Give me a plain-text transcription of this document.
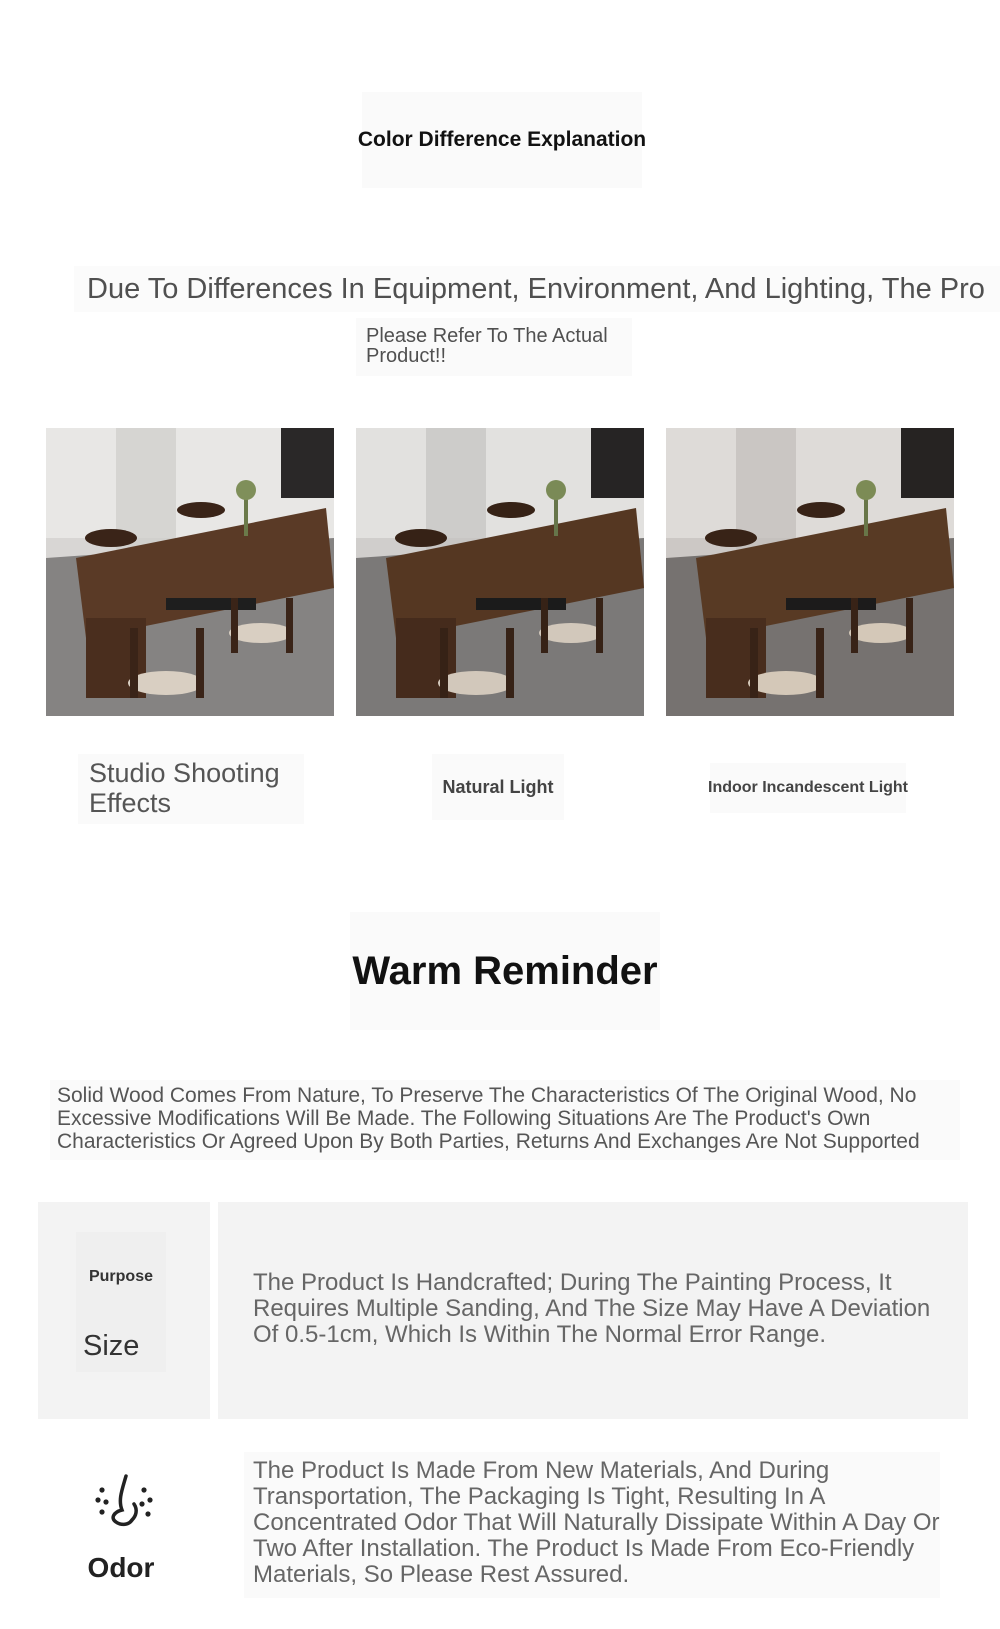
Color Difference Explanation
Due To Differences In Equipment, Environment, And Lighting, The Pro
Please Refer To The Actual Product!!
Studio Shooting Effects
Natural Light	Indoor Incandescent Light
Warm Reminder
Solid Wood Comes From Nature, To Preserve The Characteristics Of The Original Wood, No Excessive Modifications Will Be Made. The Following Situations Are The Product's Own Characteristics Or Agreed Upon By Both Parties, Returns And Exchanges Are Not Supported
Purpose
Size
The Product Is Handcrafted; During The Painting Process, It Requires Multiple Sanding, And The Size May Have A Deviation Of 0.5-1cm, Which Is Within The Normal Error Range.
Odor
The Product Is Made From New Materials, And During Transportation, The Packaging Is Tight, Resulting In A Concentrated Odor That Will Naturally Dissipate Within A Day Or Two After Installation. The Product Is Made From Eco-Friendly Materials, So Please Rest Assured.
